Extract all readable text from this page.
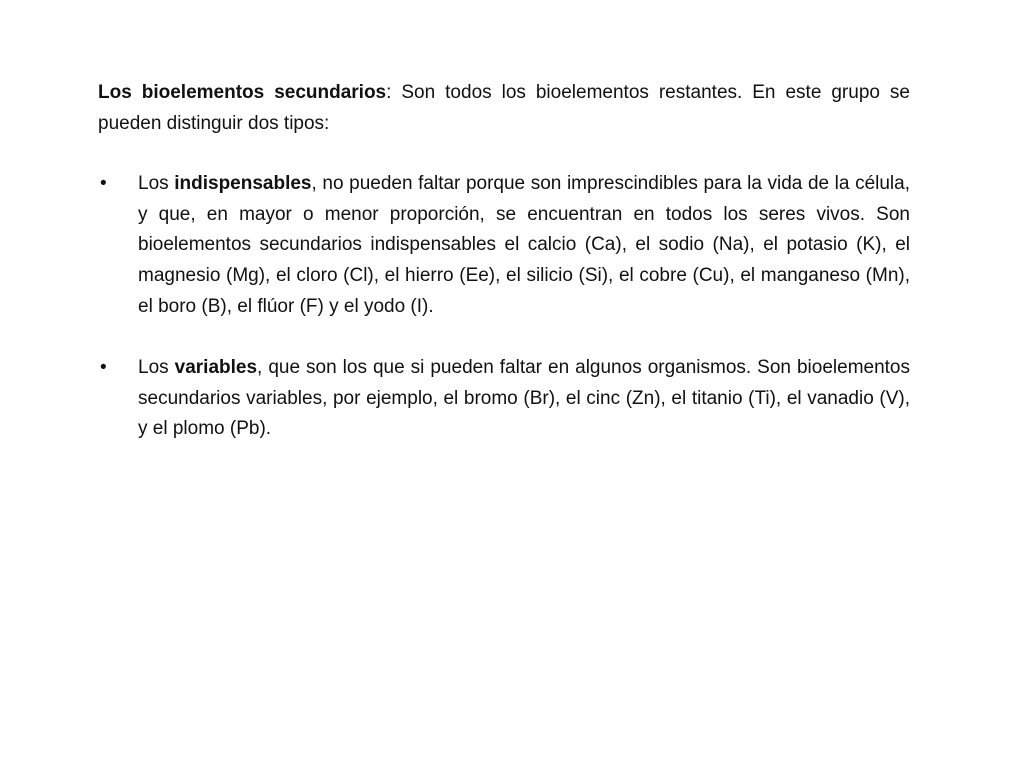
Los bioelementos secundarios: Son todos los bioelementos restantes. En este grupo se pueden distinguir dos tipos:

• Los indispensables, no pueden faltar porque son imprescindibles para la vida de la célula, y que, en mayor o menor proporción, se encuentran en todos los seres vivos. Son bioelementos secundarios indispensables el calcio (Ca), el sodio (Na), el potasio (K), el magnesio (Mg), el cloro (Cl), el hierro (Ee), el silicio (Si), el cobre (Cu), el manganeso (Mn), el boro (B), el flúor (F) y el yodo (I).
• Los variables, que son los que si pueden faltar en algunos organismos. Son bioelementos secundarios variables, por ejemplo, el bromo (Br), el cinc (Zn), el titanio (Ti), el vanadio (V), y el plomo (Pb).
